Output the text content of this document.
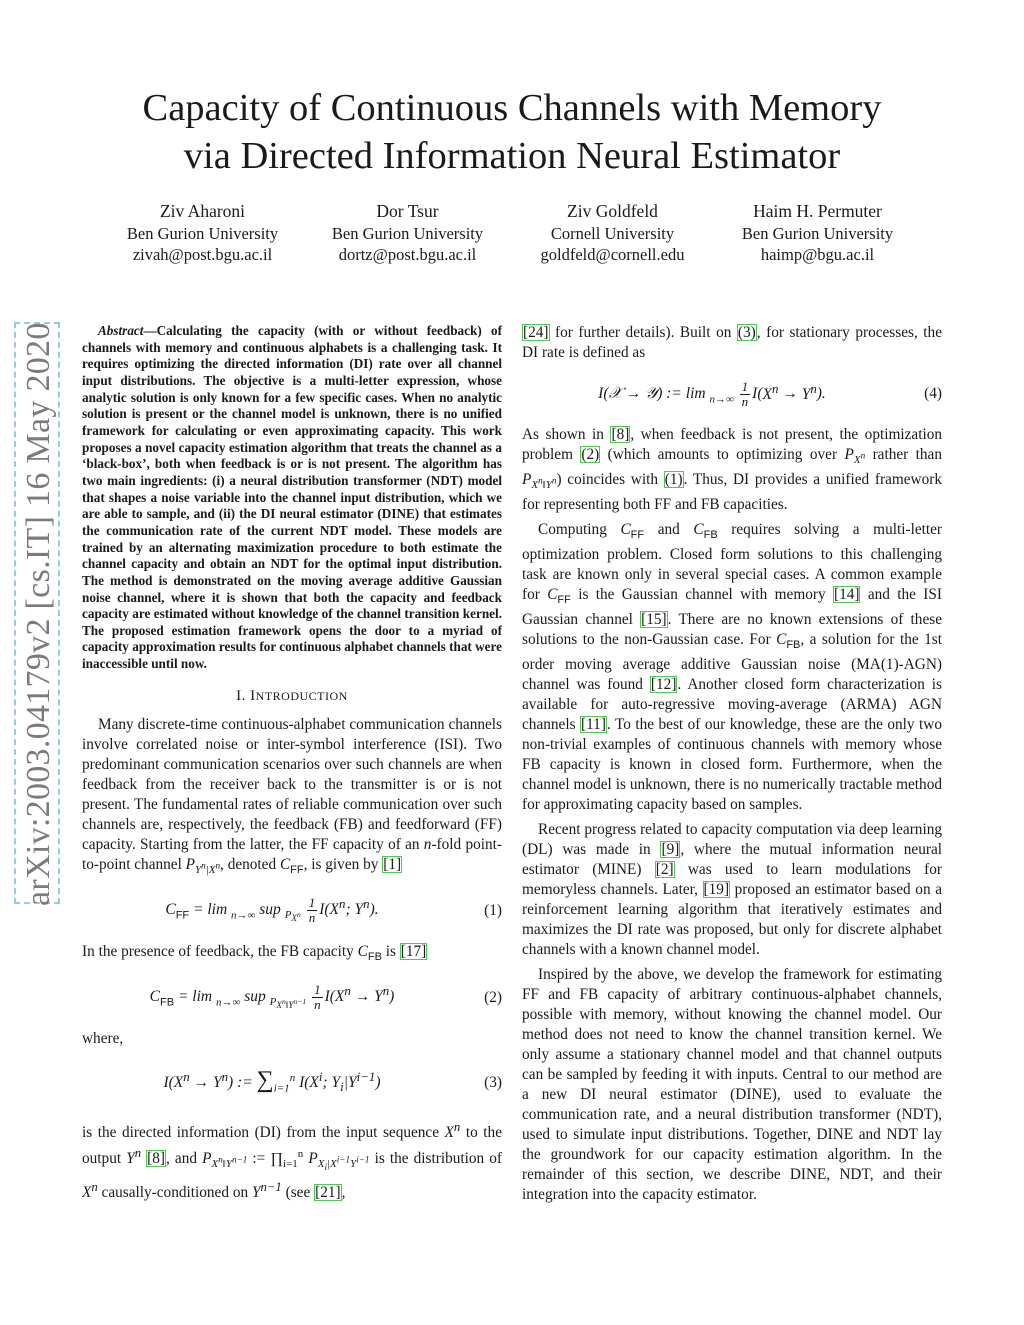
Capacity of Continuous Channels with Memory
via Directed Information Neural Estimator
Ziv Aharoni
Ben Gurion University
zivah@post.bgu.ac.il
Dor Tsur
Ben Gurion University
dortz@post.bgu.ac.il
Ziv Goldfeld
Cornell University
goldfeld@cornell.edu
Haim H. Permuter
Ben Gurion University
haimp@bgu.ac.il
arXiv:2003.04179v2 [cs.IT] 16 May 2020	Abstract—Calculating the capacity (with or without feedback) of channels with memory and continuous alphabets is a challenging task. It requires optimizing the directed information (DI) rate over all channel input distributions. The objective is a multi-letter expression, whose analytic solution is only known for a few specific cases. When no analytic solution is present or the channel model is unknown, there is no unified framework for calculating or even approximating capacity. This work proposes a novel capacity estimation algorithm that treats the channel as a ‘black-box’, both when feedback is or is not present. The algorithm has two main ingredients: (i) a neural distribution transformer (NDT) model that shapes a noise variable into the channel input distribution, which we are able to sample, and (ii) the DI neural estimator (DINE) that estimates the communication rate of the current NDT model. These models are trained by an alternating maximization procedure to both estimate the channel capacity and obtain an NDT for the optimal input distribution. The method is demonstrated on the moving average additive Gaussian noise channel, where it is shown that both the capacity and feedback capacity are estimated without knowledge of the channel transition kernel. The proposed estimation framework opens the door to a myriad of capacity approximation results for continuous alphabet channels that were inaccessible until now.

I. INTRODUCTION

Many discrete-time continuous-alphabet communication channels involve correlated noise or inter-symbol interference (ISI). Two predominant communication scenarios over such channels are when feedback from the receiver back to the transmitter is or is not present. The fundamental rates of reliable communication over such channels are, respectively, the feedback (FB) and feedforward (FF) capacity. Starting from the latter, the FF capacity of an n-fold point-to-point channel $P_{Y^n|X^n}$, denoted $C_{FF}$, is given by [1]

$C_{FF} = \lim _{n\to\infty}$ sup $_{P_{X^n}} \frac{1}{n} I(X^n$; $Y^n$).	(1)

In the presence of feedback, the FB capacity $C_{FB}$ is [17]

$C_{FB} = \lim _{n\to\infty}$ sup $_{P_{X^n‖Y^{n-1}}} \frac{1}{n} I(X^n \to Y^n)$	(2)

where,

$I(X^n \to Y^n)$ := $\sum_{i=1}^n$ $I(X^i$; $Y_i|Y^{i-1}$)	(3)

is the directed information (DI) from the input sequence $X^n$ to the output $Y^n$ [8], and $P_{X^n‖Y^{n-1}}$ := $\prod_{i=1}^n$ $P_{X_i|X^{i-1}Y^{i-1}}$ is the distribution of $X^n$ causally-conditioned on $Y^{n-1}$ (see [21],

[24] for further details). Built on (3), for stationary processes, the DI rate is defined as

I(𝒳 → 𝒴) := $\lim _{n\to\infty} \frac{1}{n} I(X^n \to Y^n)$.	(4)

As shown in [8], when feedback is not present, the optimization problem (2) (which amounts to optimizing over $P_{X^n}$ rather than $P_{X^n‖Y^n}$) coincides with (1). Thus, DI provides a unified framework for representing both FF and FB capacities.

Computing $C_{FF}$ and $C_{FB}$ requires solving a multi-letter optimization problem. Closed form solutions to this challenging task are known only in several special cases. A common example for $C_{FF}$ is the Gaussian channel with memory [14] and the ISI Gaussian channel [15]. There are no known extensions of these solutions to the non-Gaussian case. For $C_{FB}$, a solution for the 1st order moving average additive Gaussian noise (MA(1)-AGN) channel was found [12]. Another closed form characterization is available for auto-regressive moving-average (ARMA) AGN channels [11]. To the best of our knowledge, these are the only two non-trivial examples of continuous channels with memory whose FB capacity is known in closed form. Furthermore, when the channel model is unknown, there is no numerically tractable method for approximating capacity based on samples.

Recent progress related to capacity computation via deep learning (DL) was made in [9], where the mutual information neural estimator (MINE) [2] was used to learn modulations for memoryless channels. Later, [19] proposed an estimator based on a reinforcement learning algorithm that iteratively estimates and maximizes the DI rate was proposed, but only for discrete alphabet channels with a known channel model.

Inspired by the above, we develop the framework for estimating FF and FB capacity of arbitrary continuous-alphabet channels, possible with memory, without knowing the channel model. Our method does not need to know the channel transition kernel. We only assume a stationary channel model and that channel outputs can be sampled by feeding it with inputs. Central to our method are a new DI neural estimator (DINE), used to evaluate the communication rate, and a neural distribution transformer (NDT), used to simulate input distributions. Together, DINE and NDT lay the groundwork for our capacity estimation algorithm. In the remainder of this section, we describe DINE, NDT, and their integration into the capacity estimator.
